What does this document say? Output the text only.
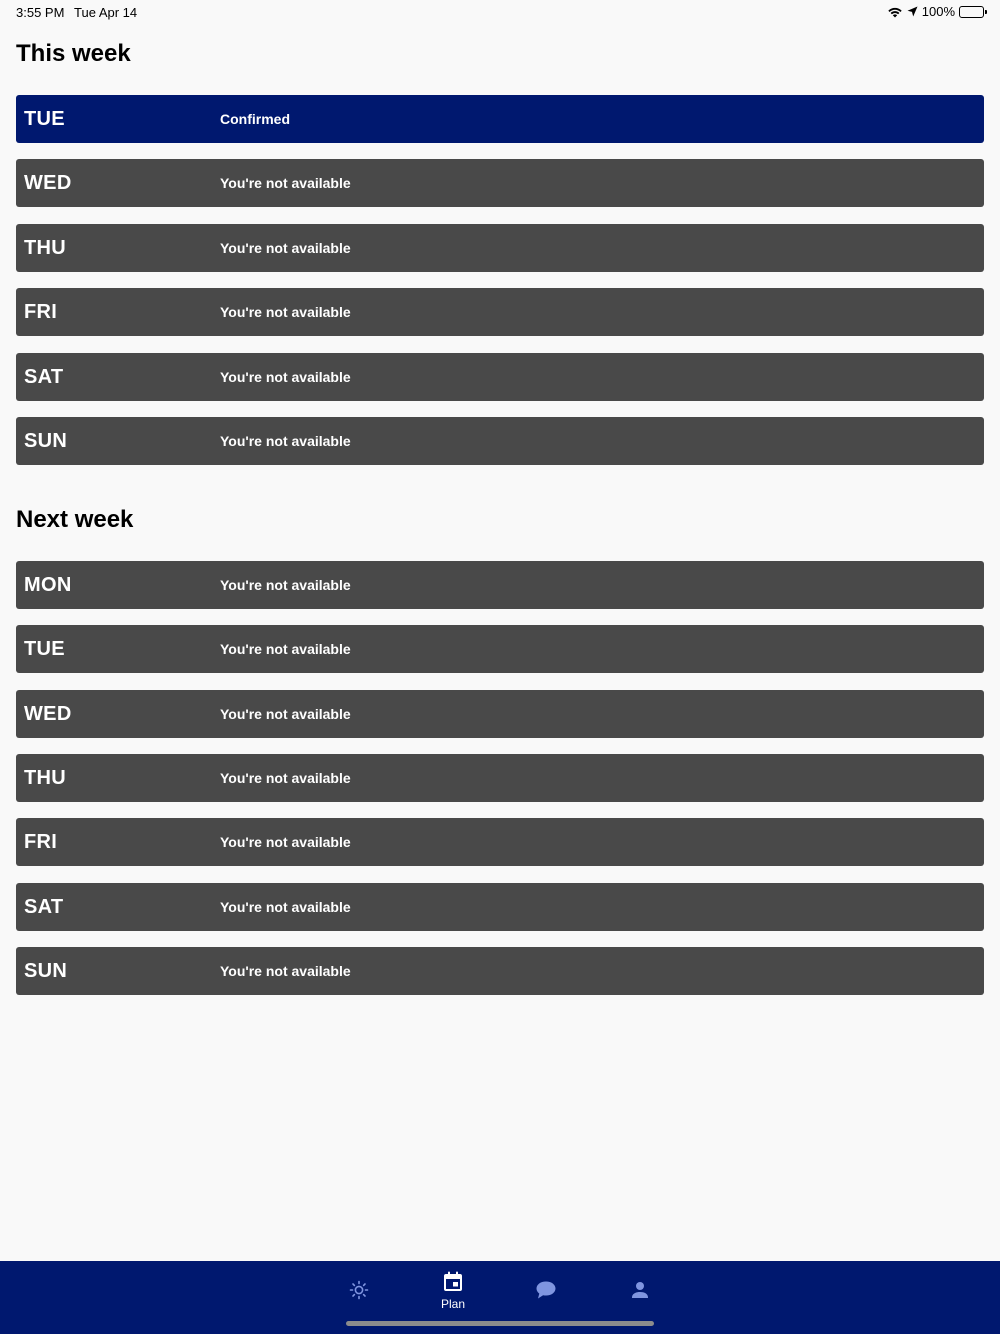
3:55 PM Tue Apr 14	100%
This week
TUE	Confirmed
WED	You're not available
THU	You're not available
FRI	You're not available
SAT	You're not available
SUN	You're not available
Next week
MON	You're not available
TUE	You're not available
WED	You're not available
THU	You're not available
FRI	You're not available
SAT	You're not available
SUN	You're not available
Plan
